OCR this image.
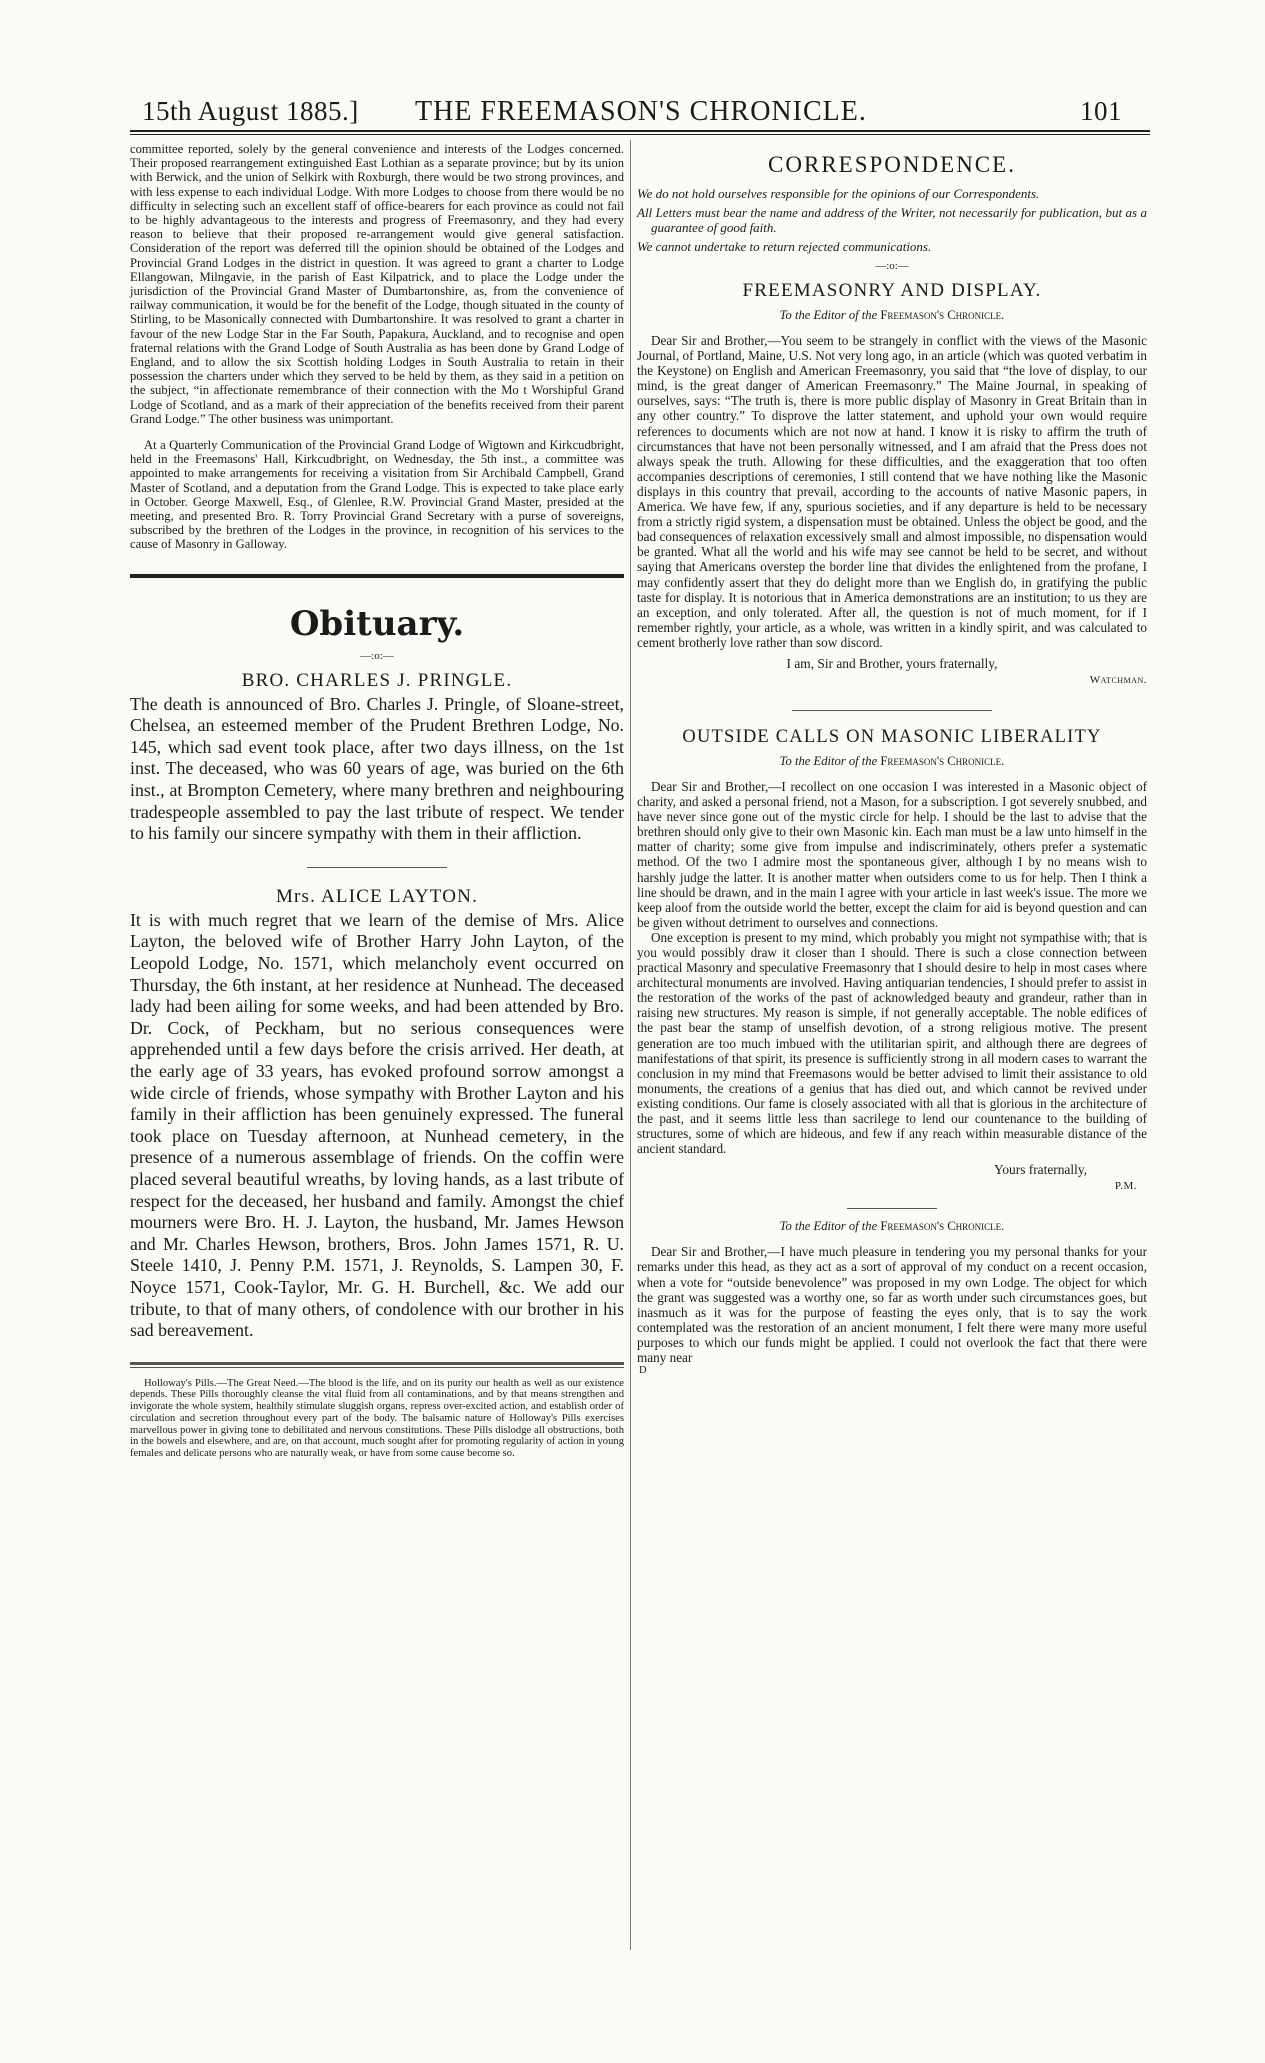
15th August 1885.] THE FREEMASON'S CHRONICLE.	101

committee reported, solely by the general convenience and interests of the Lodges concerned. Their proposed rearrangement extinguished East Lothian as a separate province; but by its union with Berwick, and the union of Selkirk with Roxburgh, there would be two strong provinces, and with less expense to each individual Lodge. With more Lodges to choose from there would be no difficulty in selecting such an excellent staff of office-bearers for each province as could not fail to be highly advantageous to the interests and progress of Freemasonry, and they had every reason to believe that their proposed re-arrangement would give general satisfaction. Consideration of the report was deferred till the opinion should be obtained of the Lodges and Provincial Grand Lodges in the district in question. It was agreed to grant a charter to Lodge Ellangowan, Milngavie, in the parish of East Kilpatrick, and to place the Lodge under the jurisdiction of the Provincial Grand Master of Dumbartonshire, as, from the convenience of railway communication, it would be for the benefit of the Lodge, though situated in the county of Stirling, to be Masonically connected with Dumbartonshire. It was resolved to grant a charter in favour of the new Lodge Star in the Far South, Papakura, Auckland, and to recognise and open fraternal relations with the Grand Lodge of South Australia as has been done by Grand Lodge of England, and to allow the six Scottish holding Lodges in South Australia to retain in their possession the charters under which they served to be held by them, as they said in a petition on the subject, “in affectionate remembrance of their connection with the Mo t Worshipful Grand Lodge of Scotland, and as a mark of their appreciation of the benefits received from their parent Grand Lodge.” The other business was unimportant.

At a Quarterly Communication of the Provincial Grand Lodge of Wigtown and Kirkcudbright, held in the Freemasons' Hall, Kirkcudbright, on Wednesday, the 5th inst., a committee was appointed to make arrangements for receiving a visitation from Sir Archibald Campbell, Grand Master of Scotland, and a deputation from the Grand Lodge. This is expected to take place early in October. George Maxwell, Esq., of Glenlee, R.W. Provincial Grand Master, presided at the meeting, and presented Bro. R. Torry Provincial Grand Secretary with a purse of sovereigns, subscribed by the brethren of the Lodges in the province, in recognition of his services to the cause of Masonry in Galloway.

Obituary.
—:o:—
BRO. CHARLES J. PRINGLE.

The death is announced of Bro. Charles J. Pringle, of Sloane-street, Chelsea, an esteemed member of the Prudent Brethren Lodge, No. 145, which sad event took place, after two days illness, on the 1st inst. The deceased, who was 60 years of age, was buried on the 6th inst., at Brompton Cemetery, where many brethren and neighbouring tradespeople assembled to pay the last tribute of respect. We tender to his family our sincere sympathy with them in their affliction.

Mrs. ALICE LAYTON.

It is with much regret that we learn of the demise of Mrs. Alice Layton, the beloved wife of Brother Harry John Layton, of the Leopold Lodge, No. 1571, which melancholy event occurred on Thursday, the 6th instant, at her residence at Nunhead. The deceased lady had been ailing for some weeks, and had been attended by Bro. Dr. Cock, of Peckham, but no serious consequences were apprehended until a few days before the crisis arrived. Her death, at the early age of 33 years, has evoked profound sorrow amongst a wide circle of friends, whose sympathy with Brother Layton and his family in their affliction has been genuinely expressed. The funeral took place on Tuesday afternoon, at Nunhead cemetery, in the presence of a numerous assemblage of friends. On the coffin were placed several beautiful wreaths, by loving hands, as a last tribute of respect for the deceased, her husband and family. Amongst the chief mourners were Bro. H. J. Layton, the husband, Mr. James Hewson and Mr. Charles Hewson, brothers, Bros. John James 1571, R. U. Steele 1410, J. Penny P.M. 1571, J. Reynolds, S. Lampen 30, F. Noyce 1571, Cook-Taylor, Mr. G. H. Burchell, &c. We add our tribute, to that of many others, of condolence with our brother in his sad bereavement.

Holloway's Pills.—The Great Need.—The blood is the life, and on its purity our health as well as our existence depends. These Pills thoroughly cleanse the vital fluid from all contaminations, and by that means strengthen and invigorate the whole system, healthily stimulate sluggish organs, repress over-excited action, and establish order of circulation and secretion throughout every part of the body. The balsamic nature of Holloway's Pills exercises marvellous power in giving tone to debilitated and nervous constitutions. These Pills dislodge all obstructions, both in the bowels and elsewhere, and are, on that account, much sought after for promoting regularity of action in young females and delicate persons who are naturally weak, or have from some cause become so.

CORRESPONDENCE.

We do not hold ourselves responsible for the opinions of our Correspondents.

All Letters must bear the name and address of the Writer, not necessarily for publication, but as a guarantee of good faith.

We cannot undertake to return rejected communications.

—:o:—
FREEMASONRY AND DISPLAY.
To the Editor of the Freemason's Chronicle.

Dear Sir and Brother,—You seem to be strangely in conflict with the views of the Masonic Journal, of Portland, Maine, U.S. Not very long ago, in an article (which was quoted verbatim in the Keystone) on English and American Freemasonry, you said that “the love of display, to our mind, is the great danger of American Freemasonry.” The Maine Journal, in speaking of ourselves, says: “The truth is, there is more public display of Masonry in Great Britain than in any other country.” To disprove the latter statement, and uphold your own would require references to documents which are not now at hand. I know it is risky to affirm the truth of circumstances that have not been personally witnessed, and I am afraid that the Press does not always speak the truth. Allowing for these difficulties, and the exaggeration that too often accompanies descriptions of ceremonies, I still contend that we have nothing like the Masonic displays in this country that prevail, according to the accounts of native Masonic papers, in America. We have few, if any, spurious societies, and if any departure is held to be necessary from a strictly rigid system, a dispensation must be obtained. Unless the object be good, and the bad consequences of relaxation excessively small and almost impossible, no dispensation would be granted. What all the world and his wife may see cannot be held to be secret, and without saying that Americans overstep the border line that divides the enlightened from the profane, I may confidently assert that they do delight more than we English do, in gratifying the public taste for display. It is notorious that in America demonstrations are an institution; to us they are an exception, and only tolerated. After all, the question is not of much moment, for if I remember rightly, your article, as a whole, was written in a kindly spirit, and was calculated to cement brotherly love rather than sow discord.

I am, Sir and Brother, yours fraternally,
Watchman.
OUTSIDE CALLS ON MASONIC LIBERALITY
To the Editor of the Freemason's Chronicle.

Dear Sir and Brother,—I recollect on one occasion I was interested in a Masonic object of charity, and asked a personal friend, not a Mason, for a subscription. I got severely snubbed, and have never since gone out of the mystic circle for help. I should be the last to advise that the brethren should only give to their own Masonic kin. Each man must be a law unto himself in the matter of charity; some give from impulse and indiscriminately, others prefer a systematic method. Of the two I admire most the spontaneous giver, although I by no means wish to harshly judge the latter. It is another matter when outsiders come to us for help. Then I think a line should be drawn, and in the main I agree with your article in last week's issue. The more we keep aloof from the outside world the better, except the claim for aid is beyond question and can be given without detriment to ourselves and connections.

One exception is present to my mind, which probably you might not sympathise with; that is you would possibly draw it closer than I should. There is such a close connection between practical Masonry and speculative Freemasonry that I should desire to help in most cases where architectural monuments are involved. Having antiquarian tendencies, I should prefer to assist in the restoration of the works of the past of acknowledged beauty and grandeur, rather than in raising new structures. My reason is simple, if not generally acceptable. The noble edifices of the past bear the stamp of unselfish devotion, of a strong religious motive. The present generation are too much imbued with the utilitarian spirit, and although there are degrees of manifestations of that spirit, its presence is sufficiently strong in all modern cases to warrant the conclusion in my mind that Freemasons would be better advised to limit their assistance to old monuments, the creations of a genius that has died out, and which cannot be revived under existing conditions. Our fame is closely associated with all that is glorious in the architecture of the past, and it seems little less than sacrilege to lend our countenance to the building of structures, some of which are hideous, and few if any reach within measurable distance of the ancient standard.

Yours fraternally,
P.M.
To the Editor of the Freemason's Chronicle.

Dear Sir and Brother,—I have much pleasure in tendering you my personal thanks for your remarks under this head, as they act as a sort of approval of my conduct on a recent occasion, when a vote for “outside benevolence” was proposed in my own Lodge. The object for which the grant was suggested was a worthy one, so far as worth under such circumstances goes, but inasmuch as it was for the purpose of feasting the eyes only, that is to say the work contemplated was the restoration of an ancient monument, I felt there were many more useful purposes to which our funds might be applied. I could not overlook the fact that there were many near

D
